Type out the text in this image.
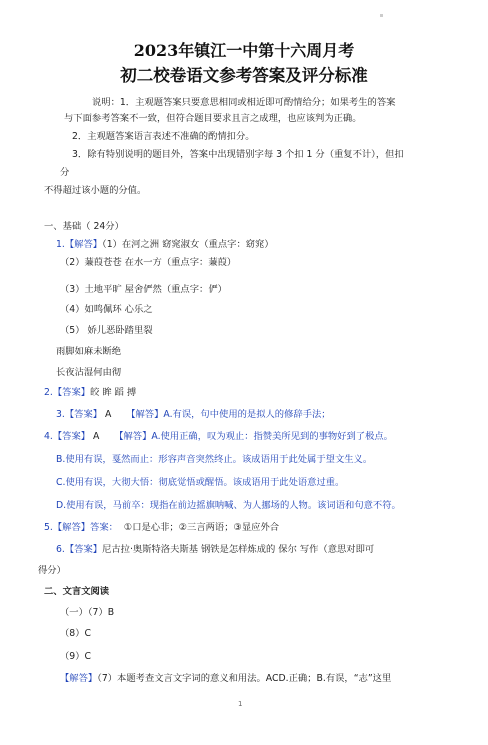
2023年镇江一中第十六周月考
初二校卷语文参考答案及评分标准
说明：1．主观题答案只要意思相同或相近即可酌情给分；如果考生的答案
与下面参考答案不一致，但符合题目要求且言之成理，也应该判为正确。
2．主观题答案语言表述不准确的酌情扣分。
3．除有特别说明的题目外，答案中出现错别字每 3 个扣 1 分（重复不计），但扣
分
不得超过该小题的分值。
一、基础（ 24分）
1.【解答】（1）在河之洲 窈窕淑女（重点字：窈窕）
（2）蒹葭苍苍 在水一方（重点字：蒹葭）
（3）土地平旷 屋舍俨然（重点字：俨）
（4）如鸣佩环 心乐之
（5） 娇儿恶卧踏里裂
雨脚如麻未断绝
长夜沾湿何由彻
2.【答案】皎 眸 蹈 搏
3.【答案】 A 【解答】A.有误，句中使用的是拟人的修辞手法；
4.【答案】 A 【解答】A.使用正确，叹为观止：指赞美所见到的事物好到了极点。
B.使用有误，戛然而止：形容声音突然终止。该成语用于此处属于望文生义。
C.使用有误，大彻大悟：彻底觉悟或醒悟。该成语用于此处语意过重。
D.使用有误，马前卒：现指在前边摇旗呐喊、为人挪场的人物。该词语和句意不符。
5.【解答】答案： ①口是心非；②三言两语；③显应外合
6.【答案】尼古拉·奥斯特洛夫斯基 钢铁是怎样炼成的 保尔 写作（意思对即可
得分）
二、文言文阅读
（一）（7）B
（8）C
（9）C
【解答】（7）本题考查文言文字词的意义和用法。ACD.正确；B.有误，“志”这里
1
